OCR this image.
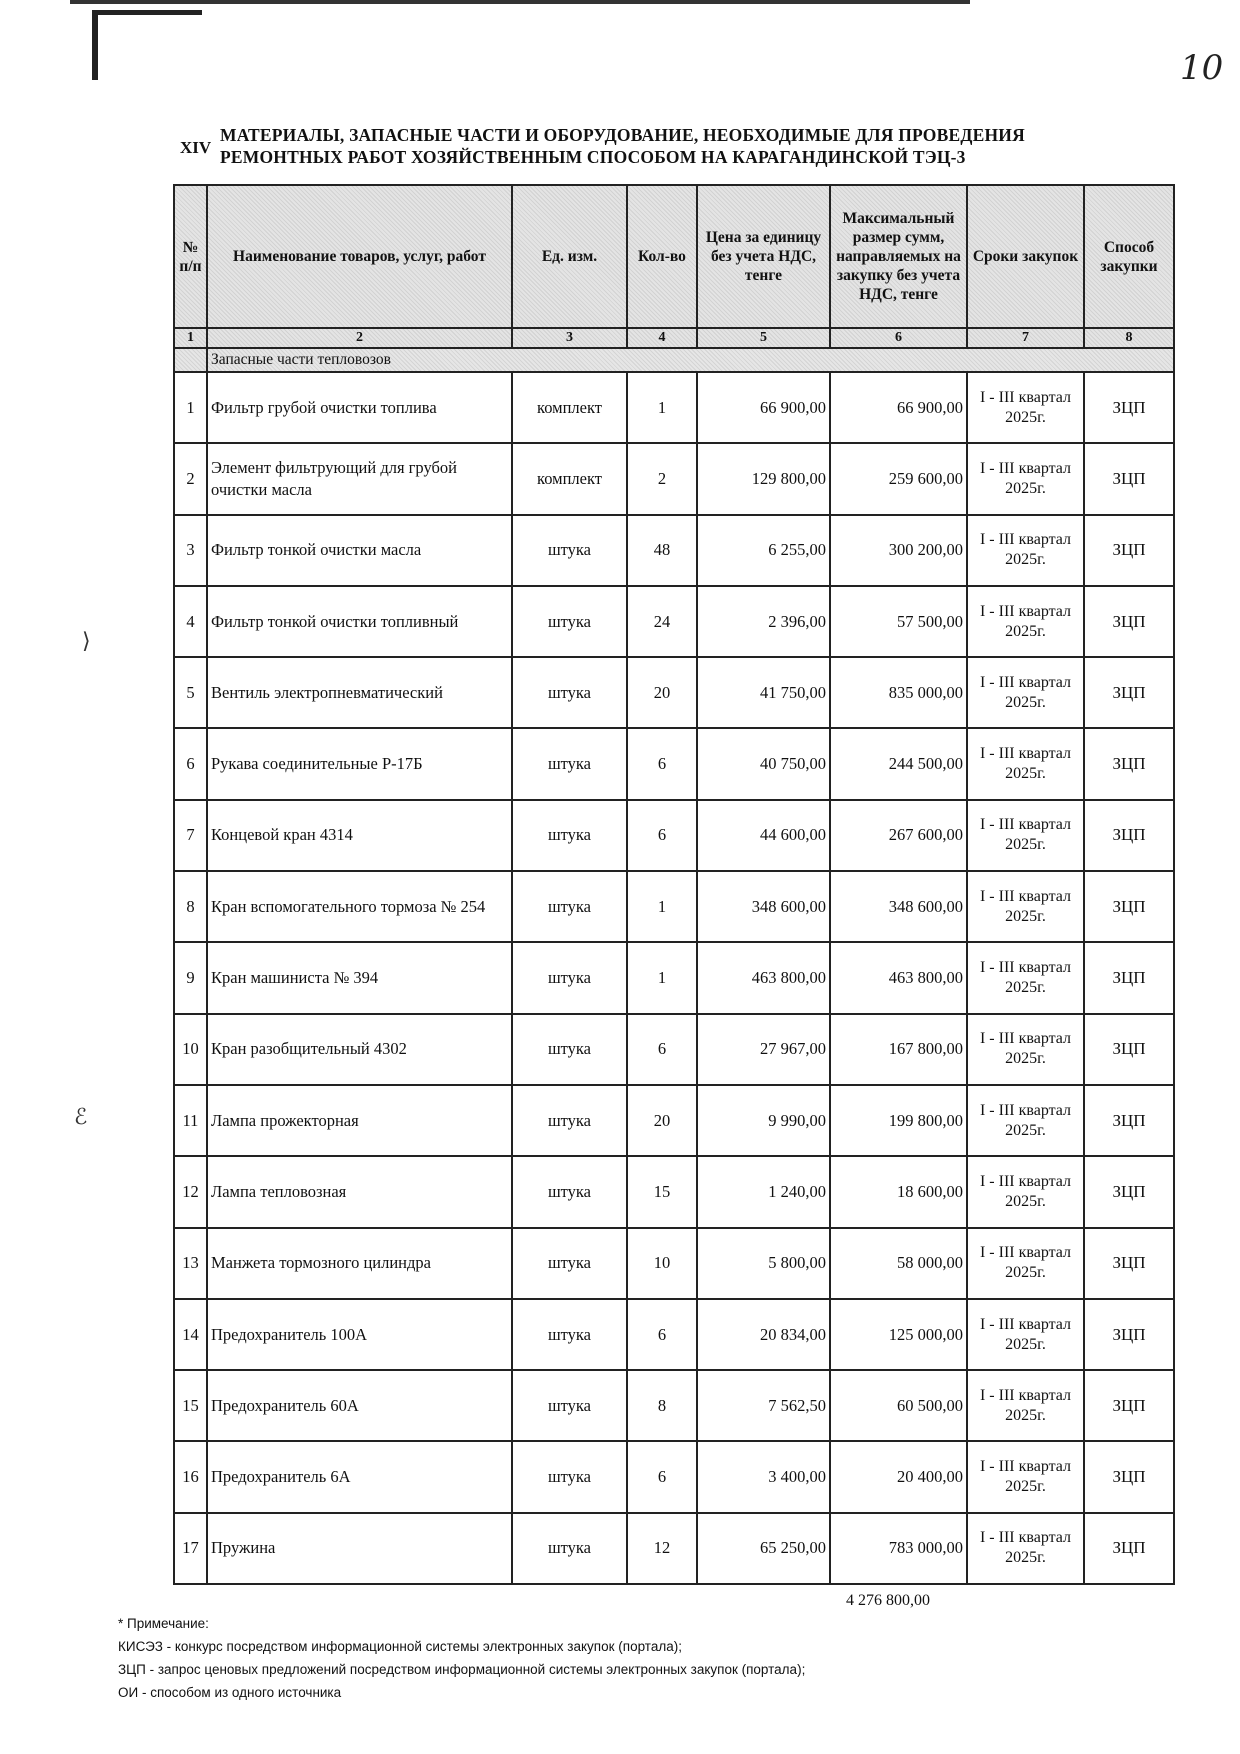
10
XIV
МАТЕРИАЛЫ, ЗАПАСНЫЕ ЧАСТИ И ОБОРУДОВАНИЕ, НЕОБХОДИМЫЕ ДЛЯ ПРОВЕДЕНИЯ РЕМОНТНЫХ РАБОТ ХОЗЯЙСТВЕННЫМ СПОСОБОМ НА КАРАГАНДИНСКОЙ ТЭЦ-3
№ п/п	Наименование товаров, услуг, работ	Ед. изм.	Кол-во	Цена за единицу без учета НДС, тенге	Максимальный размер сумм, направляемых на закупку без учета НДС, тенге	Сроки закупок	Способ закупки
1	2	3	4	5	6	7	8
	Запасные части тепловозов						
1	Фильтр грубой очистки топлива	комплект	1	66 900,00	66 900,00	I - III квартал 2025г.	ЗЦП
2	Элемент фильтрующий для грубой очистки масла	комплект	2	129 800,00	259 600,00	I - III квартал 2025г.	ЗЦП
3	Фильтр тонкой очистки масла	штука	48	6 255,00	300 200,00	I - III квартал 2025г.	ЗЦП
4	Фильтр тонкой очистки топливный	штука	24	2 396,00	57 500,00	I - III квартал 2025г.	ЗЦП
5	Вентиль электропневматический	штука	20	41 750,00	835 000,00	I - III квартал 2025г.	ЗЦП
6	Рукава соединительные Р-17Б	штука	6	40 750,00	244 500,00	I - III квартал 2025г.	ЗЦП
7	Концевой кран 4314	штука	6	44 600,00	267 600,00	I - III квартал 2025г.	ЗЦП
8	Кран вспомогательного тормоза № 254	штука	1	348 600,00	348 600,00	I - III квартал 2025г.	ЗЦП
9	Кран машиниста № 394	штука	1	463 800,00	463 800,00	I - III квартал 2025г.	ЗЦП
10	Кран разобщительный 4302	штука	6	27 967,00	167 800,00	I - III квартал 2025г.	ЗЦП
11	Лампа прожекторная	штука	20	9 990,00	199 800,00	I - III квартал 2025г.	ЗЦП
12	Лампа тепловозная	штука	15	1 240,00	18 600,00	I - III квартал 2025г.	ЗЦП
13	Манжета тормозного цилиндра	штука	10	5 800,00	58 000,00	I - III квартал 2025г.	ЗЦП
14	Предохранитель 100А	штука	6	20 834,00	125 000,00	I - III квартал 2025г.	ЗЦП
15	Предохранитель 60А	штука	8	7 562,50	60 500,00	I - III квартал 2025г.	ЗЦП
16	Предохранитель 6А	штука	6	3 400,00	20 400,00	I - III квартал 2025г.	ЗЦП
17	Пружина	штука	12	65 250,00	783 000,00	I - III квартал 2025г.	ЗЦП
4 276 800,00
* Примечание:
КИСЭЗ - конкурс посредством информационной системы электронных закупок (портала);
ЗЦП - запрос ценовых предложений посредством информационной системы электронных закупок (портала);
ОИ - способом из одного источника
⟩
ℰ
